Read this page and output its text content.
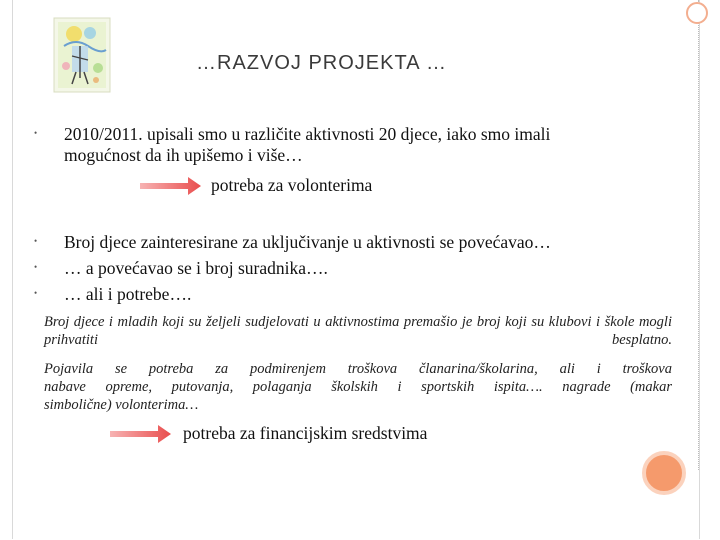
…RAZVOJ PROJEKTA …
• 2010/2011. upisali smo u različite aktivnosti 20 djece, iako smo imali
mogućnost da ih upišemo i više…
potreba za volonterima
• Broj djece zainteresirane za uključivanje u aktivnosti se povećavao…
• … a povećavao se i broj suradnika….
• … ali i potrebe….
Broj djece i mladih koji su željeli sudjelovati u aktivnostima premašio je broj koji su klubovi i škole mogli prihvatiti besplatno.
Pojavila se potreba za podmirenjem troškova članarina/školarina, ali i troškova
nabave opreme, putovanja, polaganja školskih i sportskih ispita…. nagrade (makar
simbolične) volonterima…
potreba za financijskim sredstvima
